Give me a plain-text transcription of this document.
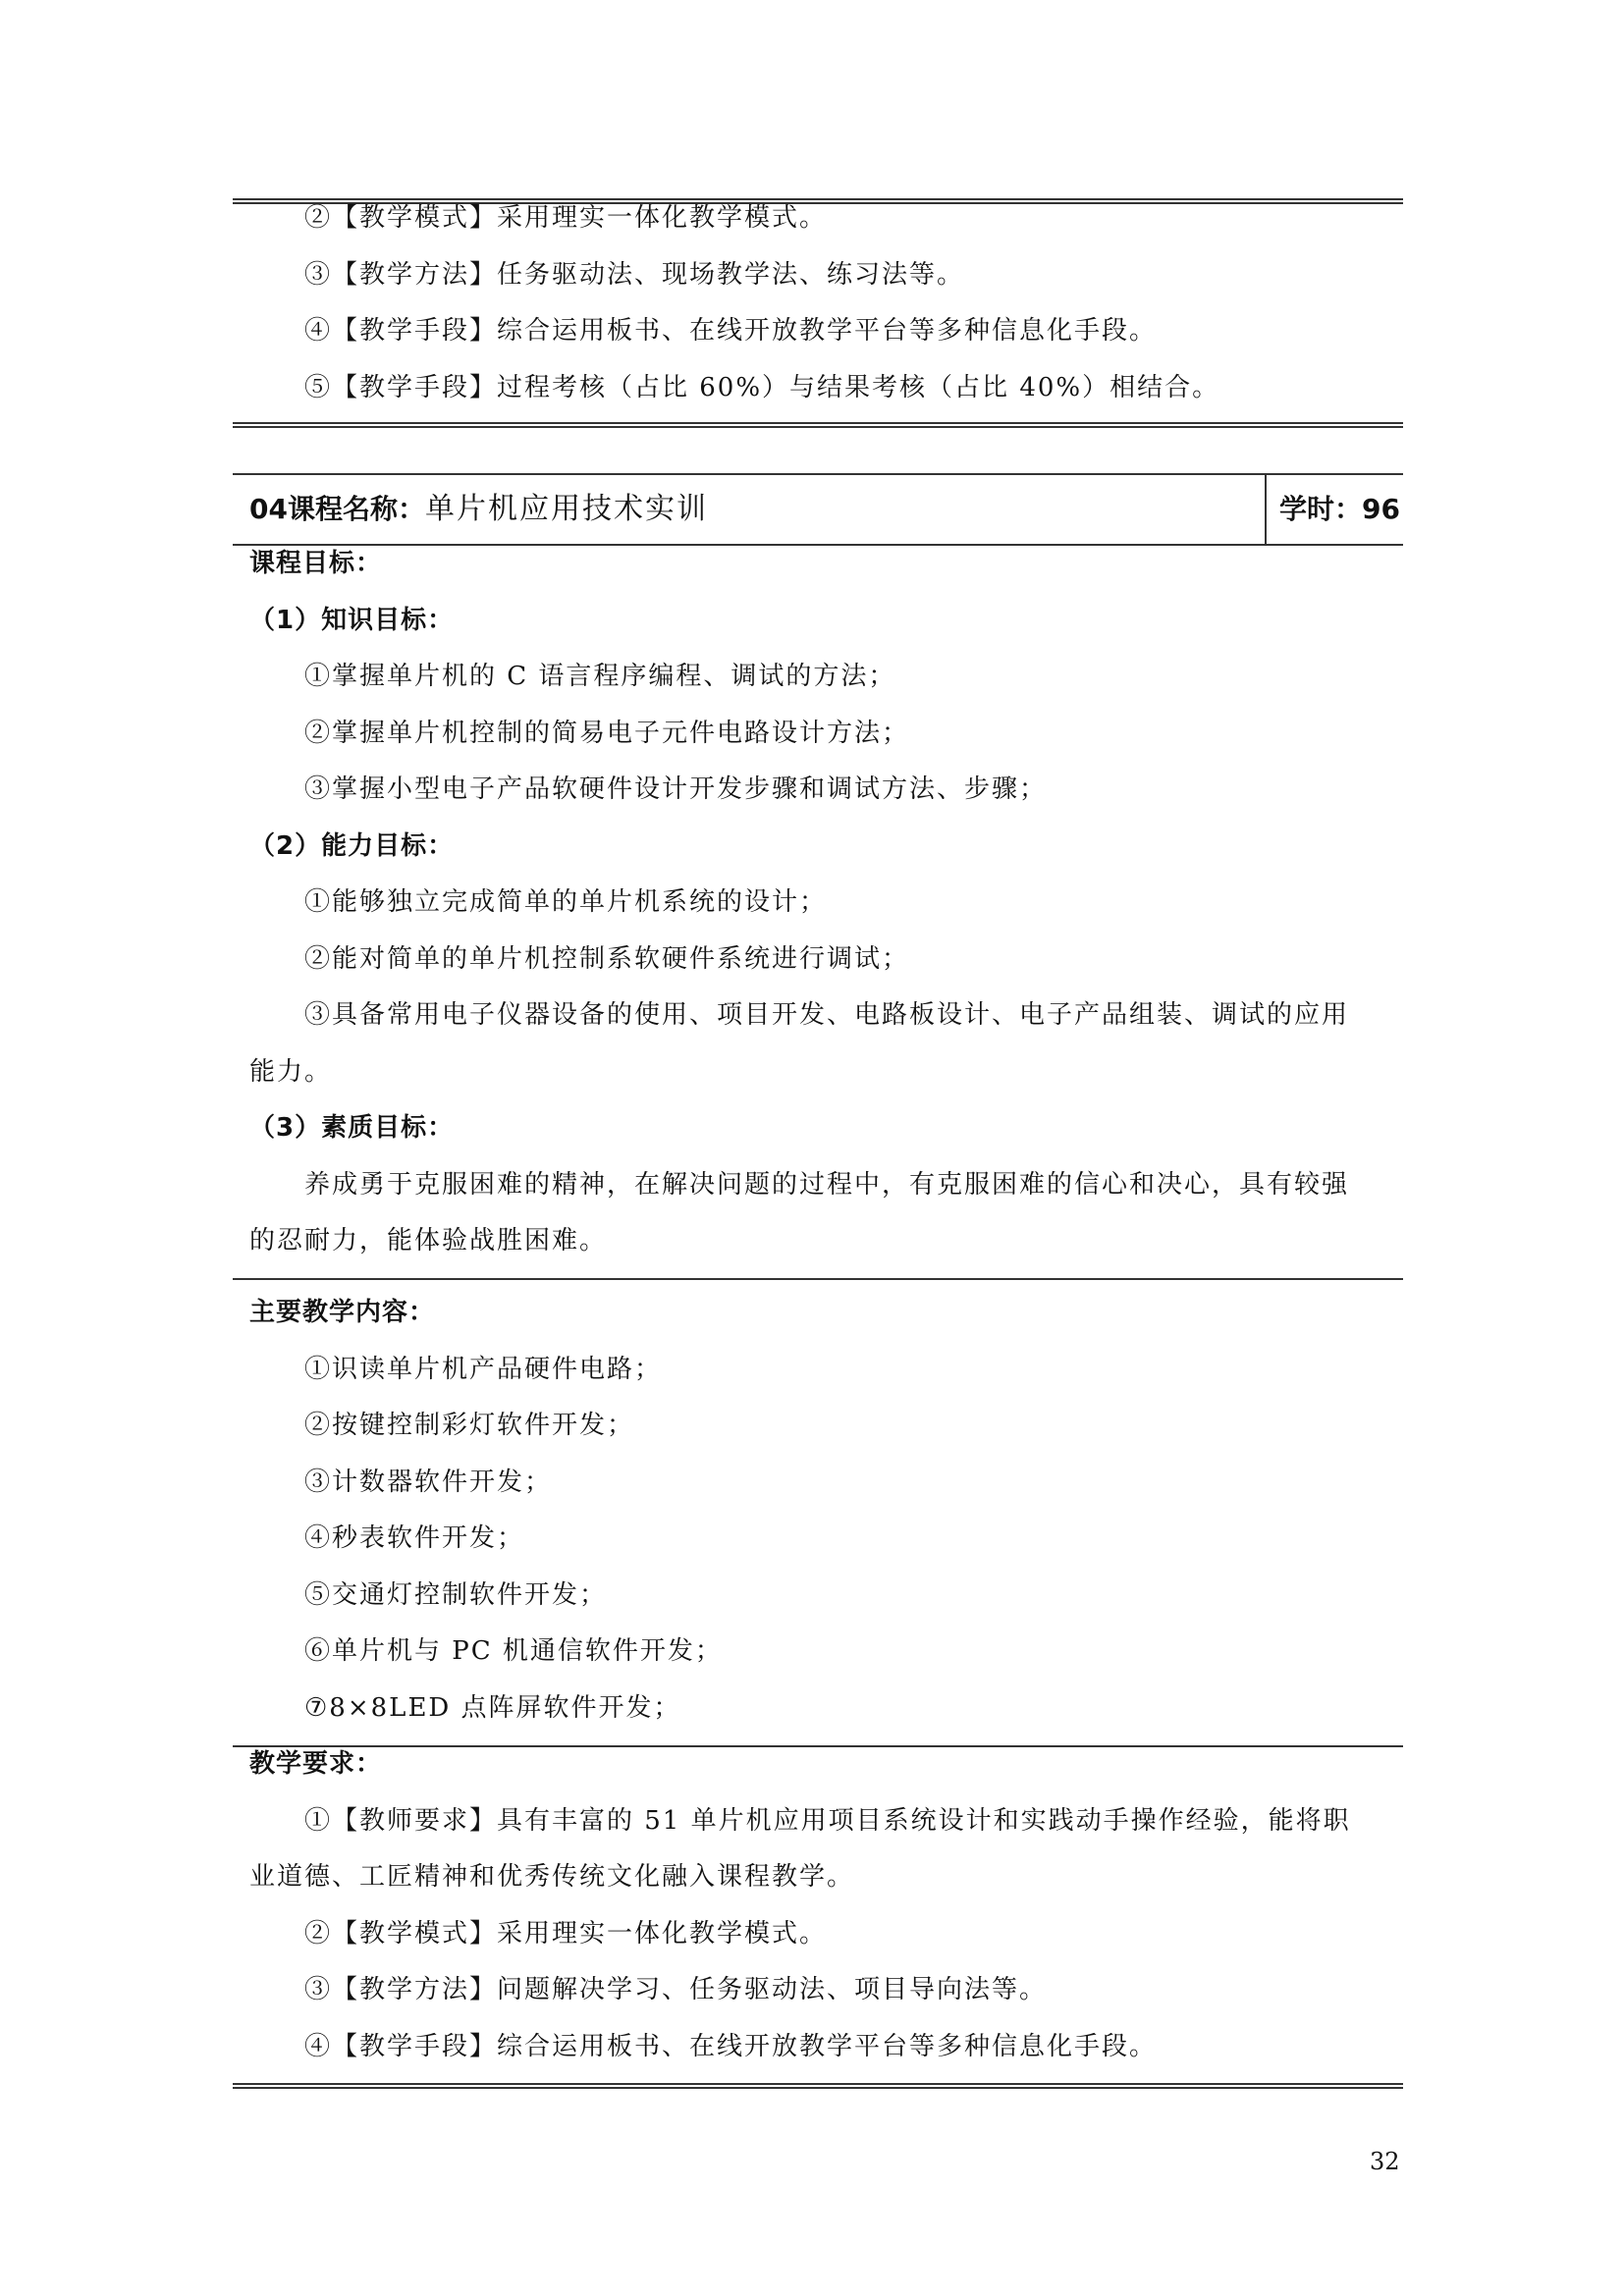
②【教学模式】采用理实一体化教学模式。
③【教学方法】任务驱动法、现场教学法、练习法等。
④【教学手段】综合运用板书、在线开放教学平台等多种信息化手段。
⑤【教学手段】过程考核（占比 60%）与结果考核（占比 40%）相结合。
04课程名称：单片机应用技术实训	学时：96
课程目标：
（1）知识目标：
①掌握单片机的 C 语言程序编程、调试的方法；
②掌握单片机控制的简易电子元件电路设计方法；
③掌握小型电子产品软硬件设计开发步骤和调试方法、步骤；
（2）能力目标：
①能够独立完成简单的单片机系统的设计；
②能对简单的单片机控制系软硬件系统进行调试；
③具备常用电子仪器设备的使用、项目开发、电路板设计、电子产品组装、调试的应用
能力。
（3）素质目标：
养成勇于克服困难的精神，在解决问题的过程中，有克服困难的信心和决心，具有较强
的忍耐力，能体验战胜困难。
主要教学内容：
①识读单片机产品硬件电路；
②按键控制彩灯软件开发；
③计数器软件开发；
④秒表软件开发；
⑤交通灯控制软件开发；
⑥单片机与 PC 机通信软件开发；
⑦8×8LED 点阵屏软件开发；
教学要求：
①【教师要求】具有丰富的 51 单片机应用项目系统设计和实践动手操作经验，能将职
业道德、工匠精神和优秀传统文化融入课程教学。
②【教学模式】采用理实一体化教学模式。
③【教学方法】问题解决学习、任务驱动法、项目导向法等。
④【教学手段】综合运用板书、在线开放教学平台等多种信息化手段。
32
